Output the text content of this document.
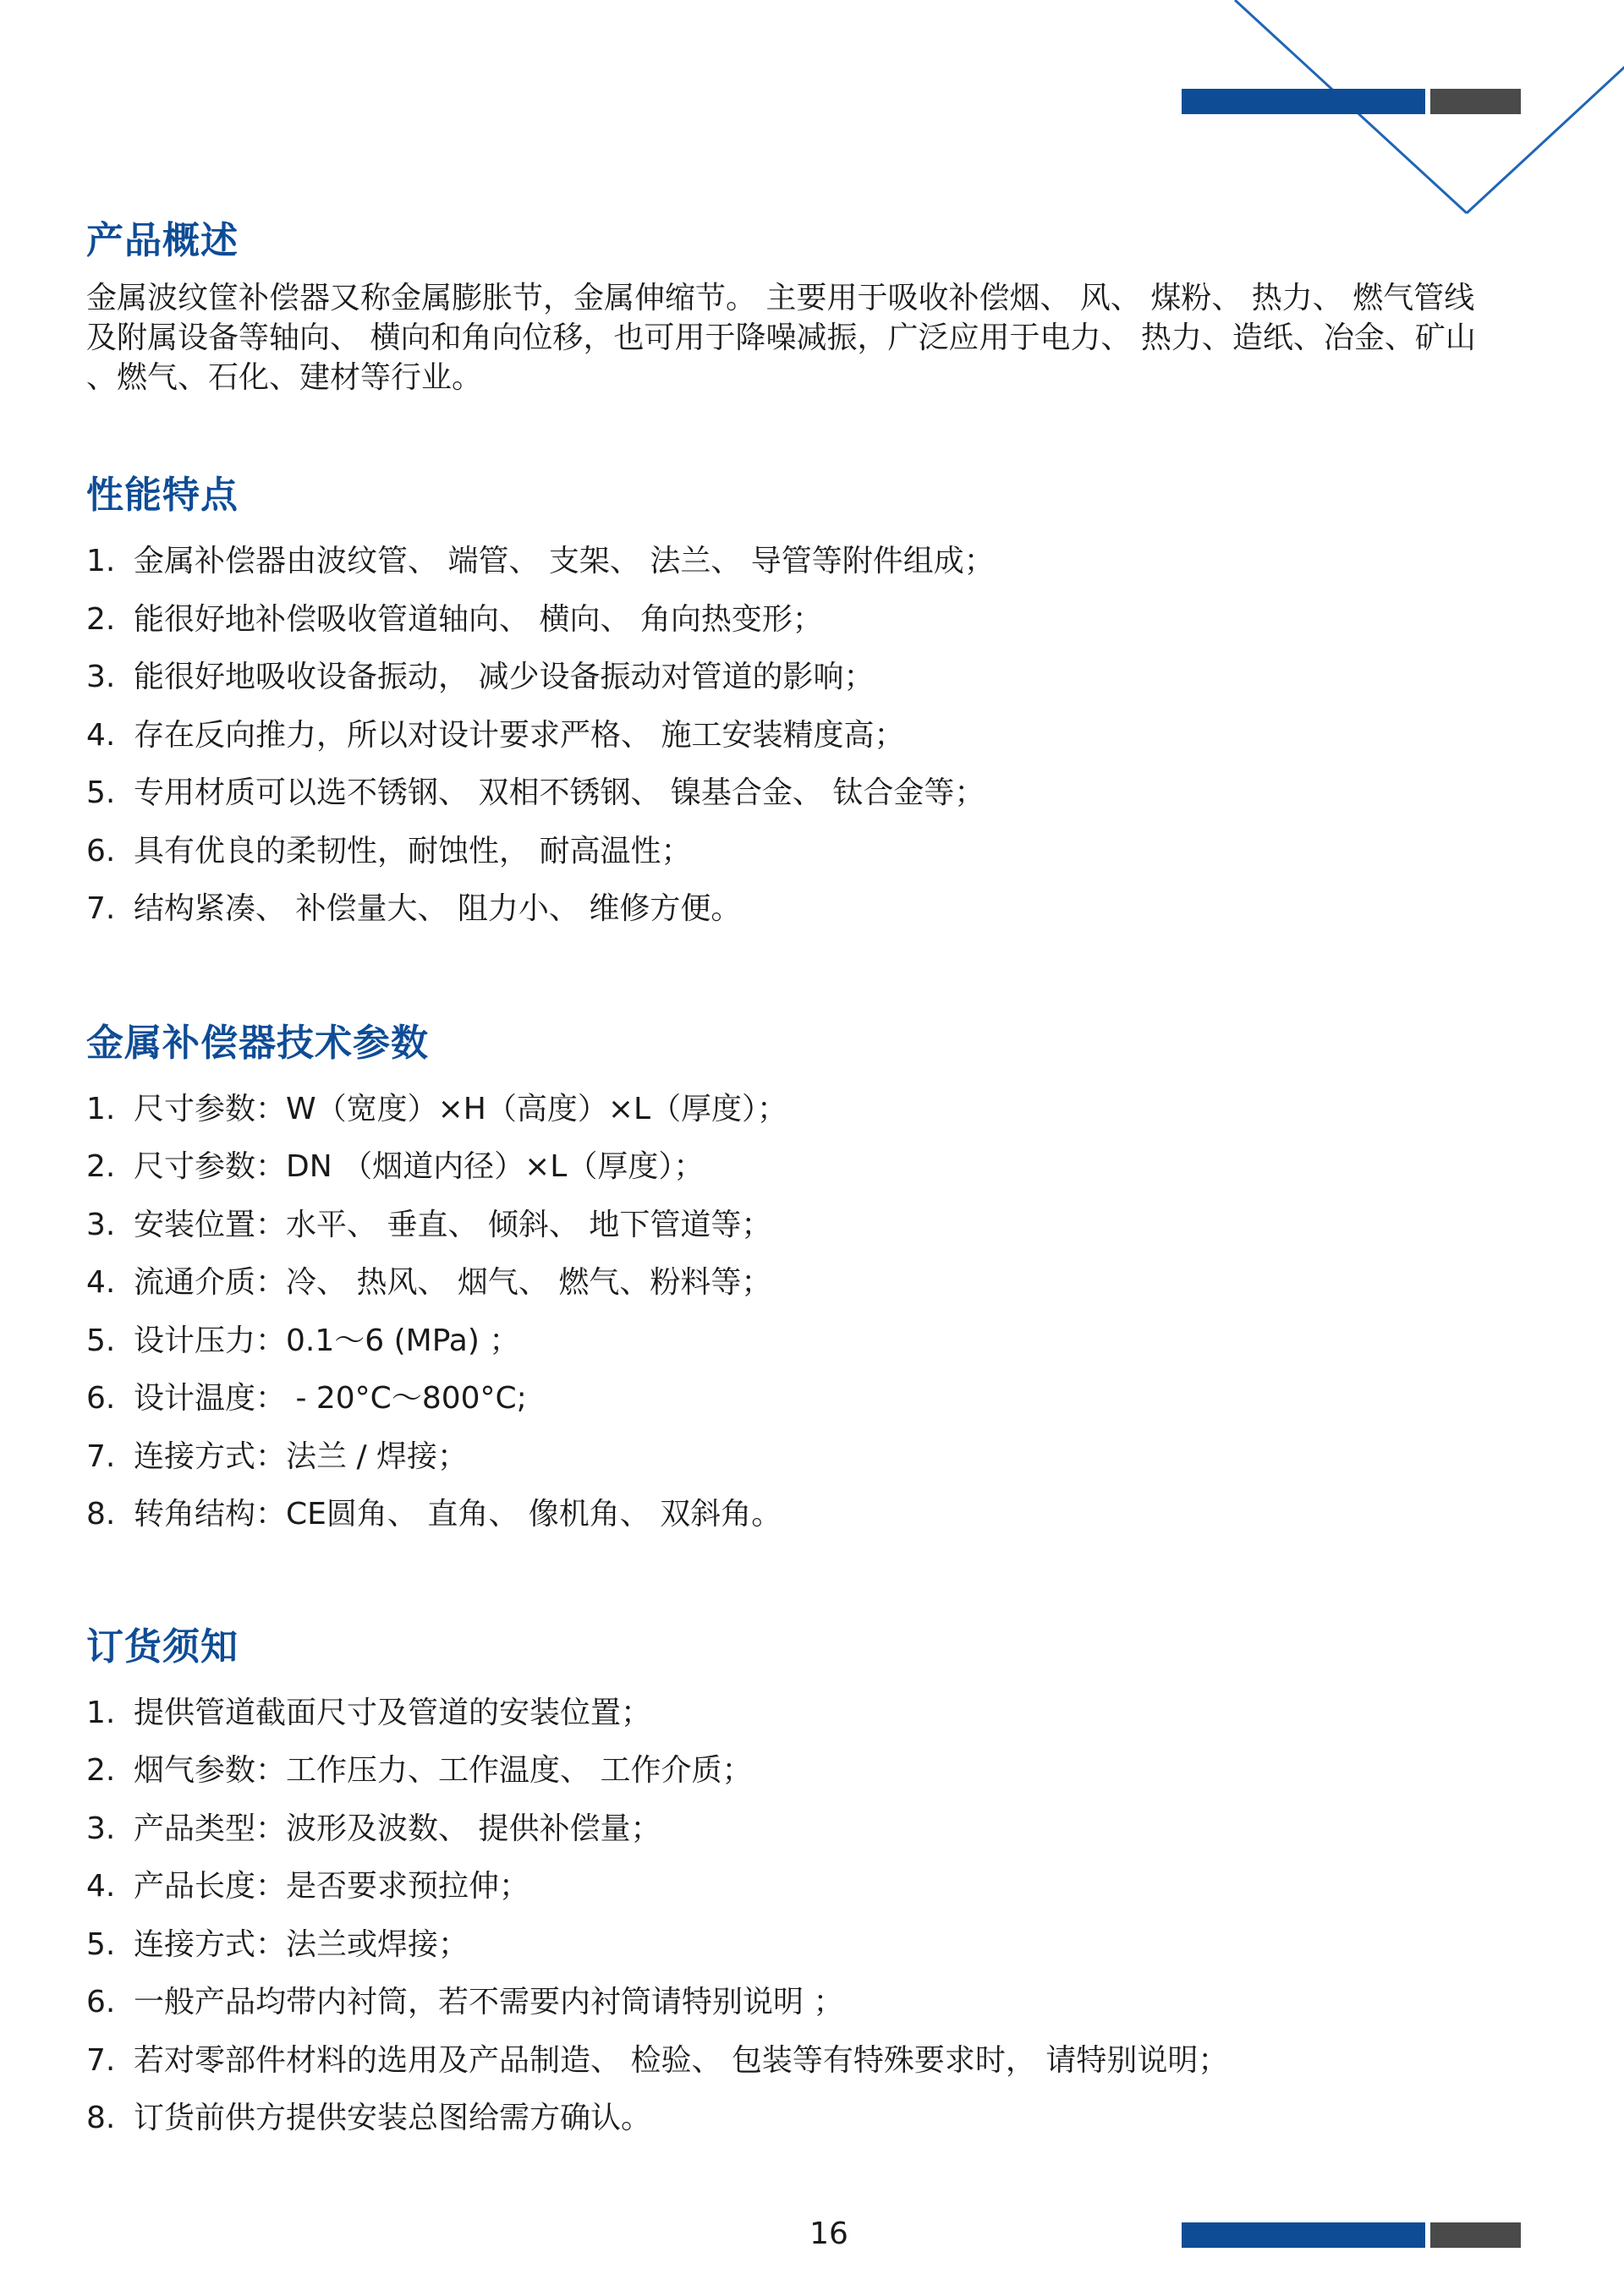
产品概述

金属波纹筐补偿器又称金属膨胀节，金属伸缩节。 主要用于吸收补偿烟、 风、 煤粉、 热力、 燃气管线
及附属设备等轴向、 横向和角向位移，也可用于降噪减振，广泛应用于电力、 热力、造纸、冶金、矿山
、燃气、石化、建材等行业。

性能特点
1. 金属补偿器由波纹管、 端管、 支架、 法兰、 导管等附件组成；
2. 能很好地补偿吸收管道轴向、 横向、 角向热变形；
3. 能很好地吸收设备振动， 减少设备振动对管道的影响；
4. 存在反向推力，所以对设计要求严格、 施工安装精度高；
5. 专用材质可以选不锈钢、 双相不锈钢、 镍基合金、 钛合金等；
6. 具有优良的柔韧性，耐蚀性， 耐高温性；
7. 结构紧凑、 补偿量大、 阻力小、 维修方便。
金属补偿器技术参数
1. 尺寸参数：W（宽度）×H（高度）×L（厚度）；
2. 尺寸参数：DN （烟道内径）×L（厚度）；
3. 安装位置：水平、 垂直、 倾斜、 地下管道等；
4. 流通介质：冷、 热风、 烟气、 燃气、粉料等；
5. 设计压力：0.1～6 (MPa) ；
6. 设计温度： - 20°C～800°C;
7. 连接方式：法兰 / 焊接；
8. 转角结构：CE圆角、 直角、 像机角、 双斜角。
订货须知
1. 提供管道截面尺寸及管道的安装位置；
2. 烟气参数：工作压力、工作温度、 工作介质；
3. 产品类型：波形及波数、 提供补偿量；
4. 产品长度：是否要求预拉伸；
5. 连接方式：法兰或焊接；
6. 一般产品均带内衬筒，若不需要内衬筒请特别说明 ；
7. 若对零部件材料的选用及产品制造、 检验、 包装等有特殊要求时， 请特别说明；
8. 订货前供方提供安装总图给需方确认。
16
